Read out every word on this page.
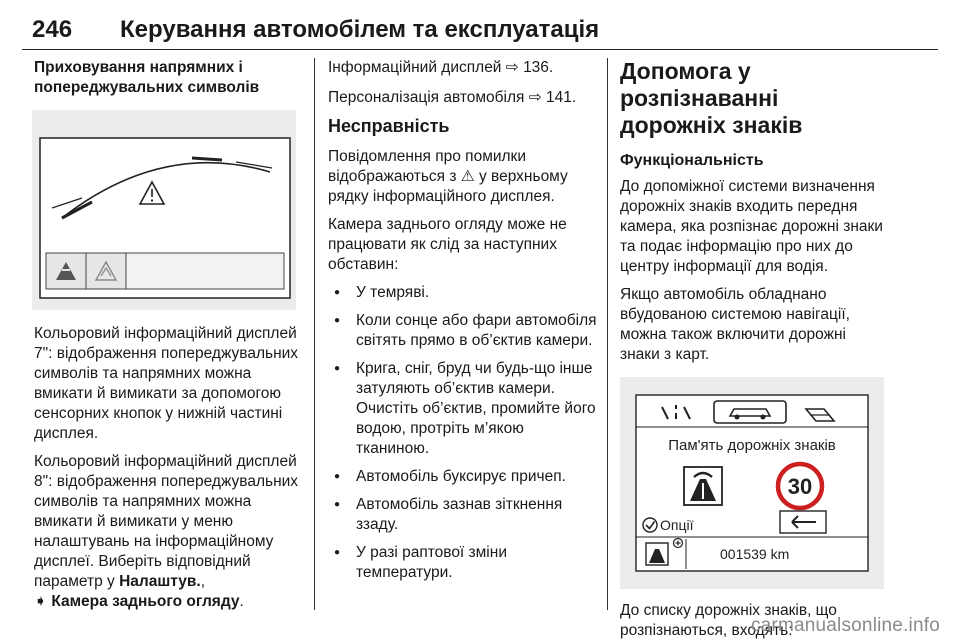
246 Керування автомобілем та експлуатація
Приховування напрямних і попереджувальних символів
Кольоровий інформаційний дисплей 7": відображення попереджувальних символів та напрямних можна вмикати й вимикати за допомогою сенсорних кнопок у нижній частині дисплея.
Кольоровий інформаційний дисплей 8": відображення попереджувальних символів та напрямних можна вмикати й вимикати у меню налаштувань на інформаційному дисплеї. Виберіть відповідний параметр у Налаштув.,
➧ Камера заднього огляду.
Інформаційний дисплей ⇨ 136.
Персоналізація автомобіля ⇨ 141.
Несправність
Повідомлення про помилки відображаються з ⚠ у верхньому рядку інформаційного дисплея.
Камера заднього огляду може не працювати як слід за наступних обставин:
● У темряві.
● Коли сонце або фари автомобіля світять прямо в об’єктив камери.
● Крига, сніг, бруд чи будь-що інше затуляють об’єктив камери. Очистіть об’єктив, промийте його водою, протріть м’якою тканиною.
● Автомобіль буксирує причеп.
● Автомобіль зазнав зіткнення ззаду.
● У разі раптової зміни температури.
Допомога у розпізнаванні дорожніх знаків
Функціональність
До допоміжної системи визначення дорожніх знаків входить передня камера, яка розпізнає дорожні знаки та подає інформацію про них до центру інформації для водія.
Якщо автомобіль обладнано вбудованою системою навігації, можна також включити дорожні знаки з карт.
Пам'ять дорожніх знаків
30
Опції
001539 km
До списку дорожніх знаків, що розпізнаються, входять:
carmanualsonline.info
